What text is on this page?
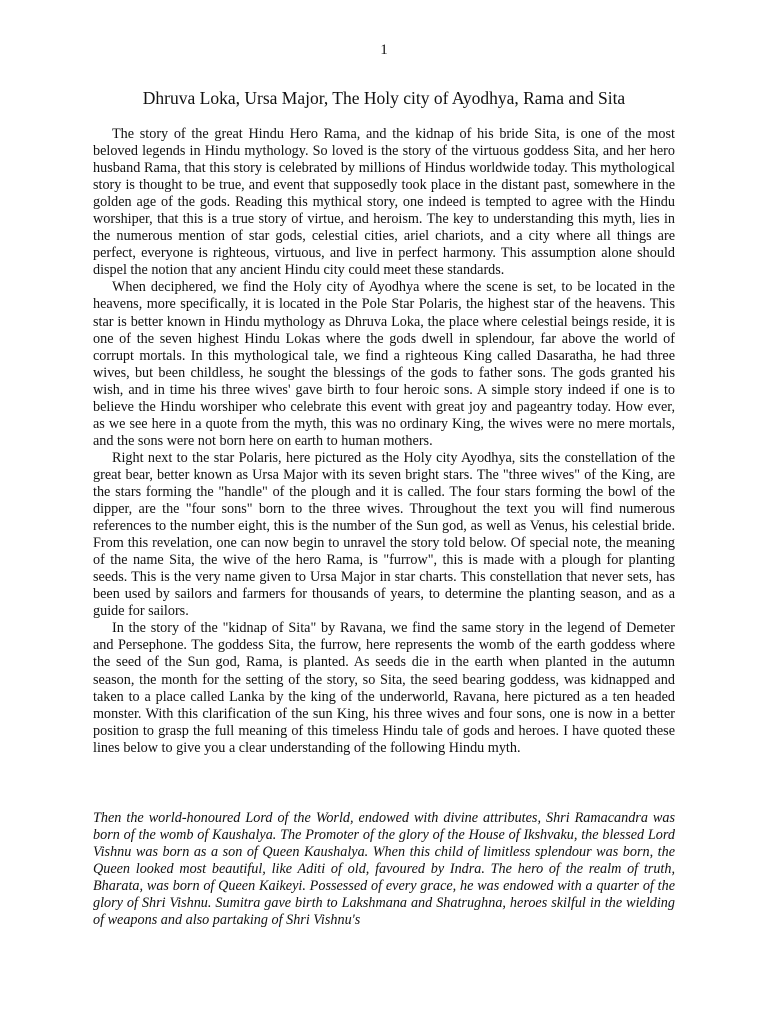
1
Dhruva Loka, Ursa Major, The Holy city of Ayodhya, Rama and Sita

The story of the great Hindu Hero Rama, and the kidnap of his bride Sita, is one of the most beloved legends in Hindu mythology. So loved is the story of the virtuous goddess Sita, and her hero husband Rama, that this story is celebrated by millions of Hindus worldwide today. This mythological story is thought to be true, and event that supposedly took place in the distant past, somewhere in the golden age of the gods. Reading this mythical story, one indeed is tempted to agree with the Hindu worshiper, that this is a true story of virtue, and heroism. The key to understanding this myth, lies in the numerous mention of star gods, celestial cities, ariel chariots, and a city where all things are perfect, everyone is righteous, virtuous, and live in perfect harmony. This assumption alone should dispel the notion that any ancient Hindu city could meet these standards.

When deciphered, we find the Holy city of Ayodhya where the scene is set, to be located in the heavens, more specifically, it is located in the Pole Star Polaris, the highest star of the heavens. This star is better known in Hindu mythology as Dhruva Loka, the place where celestial beings reside, it is one of the seven highest Hindu Lokas where the gods dwell in splendour, far above the world of corrupt mortals. In this mythological tale, we find a righteous King called Dasaratha, he had three wives, but been childless, he sought the blessings of the gods to father sons. The gods granted his wish, and in time his three wives' gave birth to four heroic sons. A simple story indeed if one is to believe the Hindu worshiper who celebrate this event with great joy and pageantry today. How ever, as we see here in a quote from the myth, this was no ordinary King, the wives were no mere mortals, and the sons were not born here on earth to human mothers.

Right next to the star Polaris, here pictured as the Holy city Ayodhya, sits the constellation of the great bear, better known as Ursa Major with its seven bright stars. The "three wives" of the King, are the stars forming the "handle" of the plough and it is called. The four stars forming the bowl of the dipper, are the "four sons" born to the three wives. Throughout the text you will find numerous references to the number eight, this is the number of the Sun god, as well as Venus, his celestial bride. From this revelation, one can now begin to unravel the story told below. Of special note, the meaning of the name Sita, the wive of the hero Rama, is "furrow", this is made with a plough for planting seeds. This is the very name given to Ursa Major in star charts. This constellation that never sets, has been used by sailors and farmers for thousands of years, to determine the planting season, and as a guide for sailors.

In the story of the "kidnap of Sita" by Ravana, we find the same story in the legend of Demeter and Persephone. The goddess Sita, the furrow, here represents the womb of the earth goddess where the seed of the Sun god, Rama, is planted. As seeds die in the earth when planted in the autumn season, the month for the setting of the story, so Sita, the seed bearing goddess, was kidnapped and taken to a place called Lanka by the king of the underworld, Ravana, here pictured as a ten headed monster. With this clarification of the sun King, his three wives and four sons, one is now in a better position to grasp the full meaning of this timeless Hindu tale of gods and heroes. I have quoted these lines below to give you a clear understanding of the following Hindu myth.

Then the world-honoured Lord of the World, endowed with divine attributes, Shri Ramacandra was born of the womb of Kaushalya. The Promoter of the glory of the House of Ikshvaku, the blessed Lord Vishnu was born as a son of Queen Kaushalya. When this child of limitless splendour was born, the Queen looked most beautiful, like Aditi of old, favoured by Indra. The hero of the realm of truth, Bharata, was born of Queen Kaikeyi. Possessed of every grace, he was endowed with a quarter of the glory of Shri Vishnu. Sumitra gave birth to Lakshmana and Shatrughna, heroes skilful in the wielding of weapons and also partaking of Shri Vishnu's
